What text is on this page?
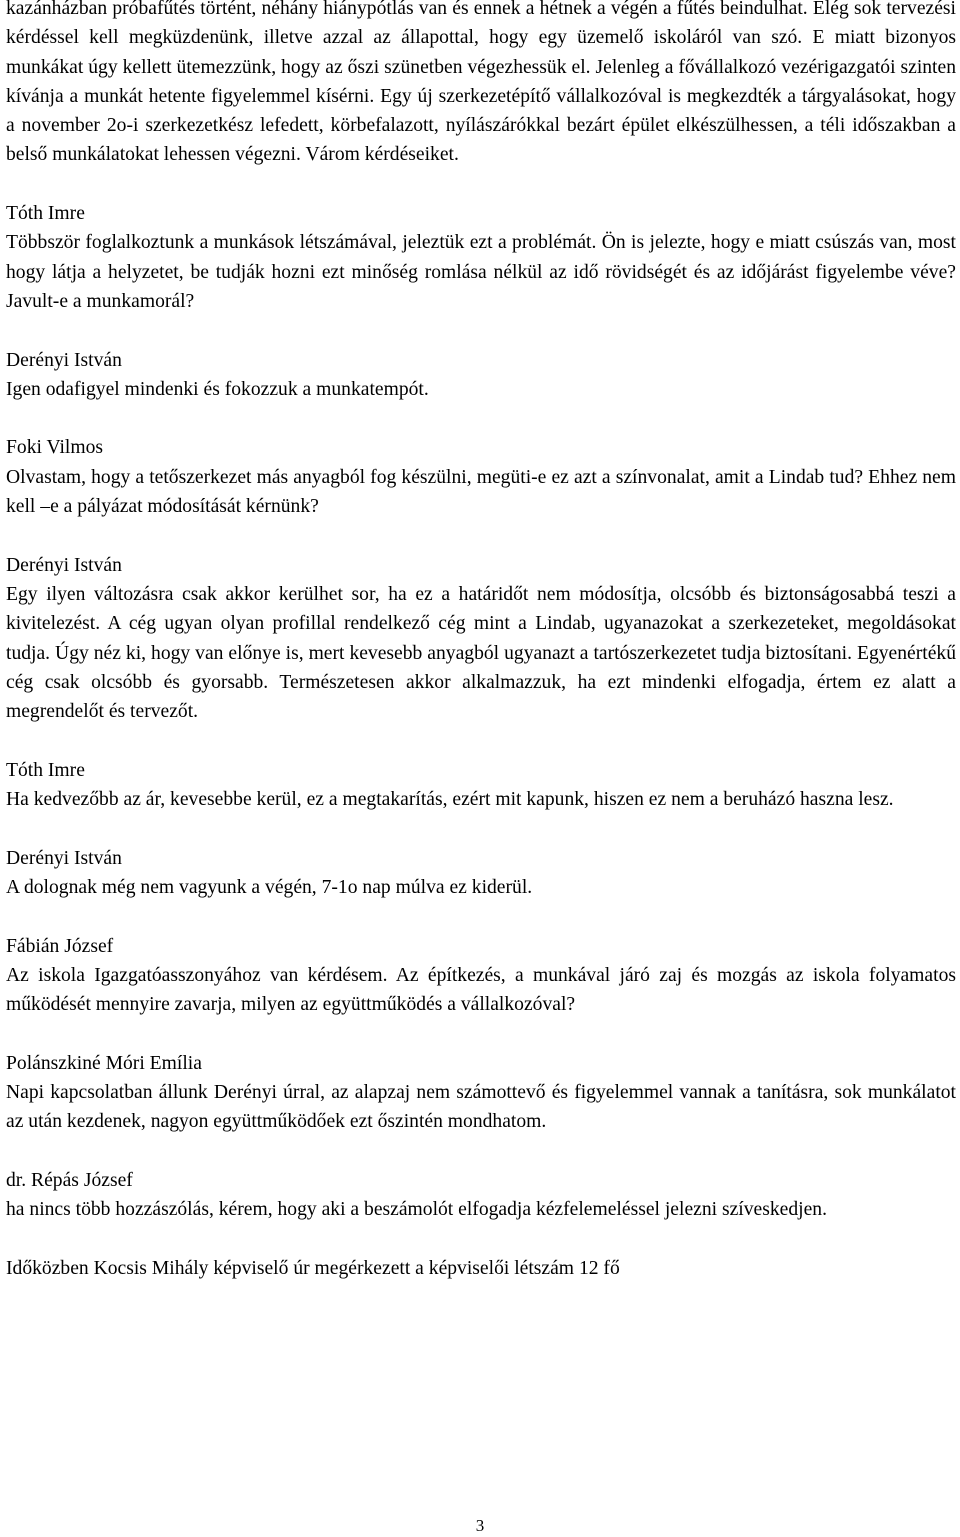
kazánházban próbafűtés történt, néhány hiánypótlás van és ennek a hétnek a végén a fűtés beindulhat. Elég sok tervezési kérdéssel kell megküzdenünk, illetve azzal az állapottal, hogy egy üzemelő iskoláról van szó. E miatt bizonyos munkákat úgy kellett ütemezzünk, hogy az őszi szünetben végezhessük el. Jelenleg a fővállalkozó vezérigazgatói szinten kívánja a munkát hetente figyelemmel kísérni. Egy új szerkezetépítő vállalkozóval is megkezdték a tárgyalásokat, hogy a november 2o-i szerkezetkész lefedett, körbefalazott, nyílászárókkal bezárt épület elkészülhessen, a téli időszakban a belső munkálatokat lehessen végezni. Várom kérdéseiket.

Tóth Imre

Többször foglalkoztunk a munkások létszámával, jeleztük ezt a problémát. Ön is jelezte, hogy e miatt csúszás van, most hogy látja a helyzetet, be tudják hozni ezt minőség romlása nélkül az idő rövidségét és az időjárást figyelembe véve? Javult-e a munkamorál?

Derényi István

Igen odafigyel mindenki és fokozzuk a munkatempót.

Foki Vilmos

Olvastam, hogy a tetőszerkezet más anyagból fog készülni, megüti-e ez azt a színvonalat, amit a Lindab tud? Ehhez nem kell –e a pályázat módosítását kérnünk?

Derényi István

Egy ilyen változásra csak akkor kerülhet sor, ha ez a határidőt nem módosítja, olcsóbb és biztonságosabbá teszi a kivitelezést. A cég ugyan olyan profillal rendelkező cég mint a Lindab, ugyanazokat a szerkezeteket, megoldásokat tudja. Úgy néz ki, hogy van előnye is, mert kevesebb anyagból ugyanazt a tartószerkezetet tudja biztosítani. Egyenértékű cég csak olcsóbb és gyorsabb. Természetesen akkor alkalmazzuk, ha ezt mindenki elfogadja, értem ez alatt a megrendelőt és tervezőt.

Tóth Imre

Ha kedvezőbb az ár, kevesebbe kerül, ez a megtakarítás, ezért mit kapunk, hiszen ez nem a beruházó haszna lesz.

Derényi István

A dolognak még nem vagyunk a végén, 7-1o nap múlva ez kiderül.

Fábián József

Az iskola Igazgatóasszonyához van kérdésem. Az építkezés, a munkával járó zaj és mozgás az iskola folyamatos működését mennyire zavarja, milyen az együttműködés a vállalkozóval?

Polánszkiné Móri Emília

Napi kapcsolatban állunk Derényi úrral, az alapzaj nem számottevő és figyelemmel vannak a tanításra, sok munkálatot az után kezdenek, nagyon együttműködőek ezt őszintén mondhatom.

dr. Répás József

ha nincs több hozzászólás, kérem, hogy aki a beszámolót elfogadja kézfelemeléssel jelezni szíveskedjen.

Időközben Kocsis Mihály képviselő úr megérkezett a képviselői létszám 12 fő

3
